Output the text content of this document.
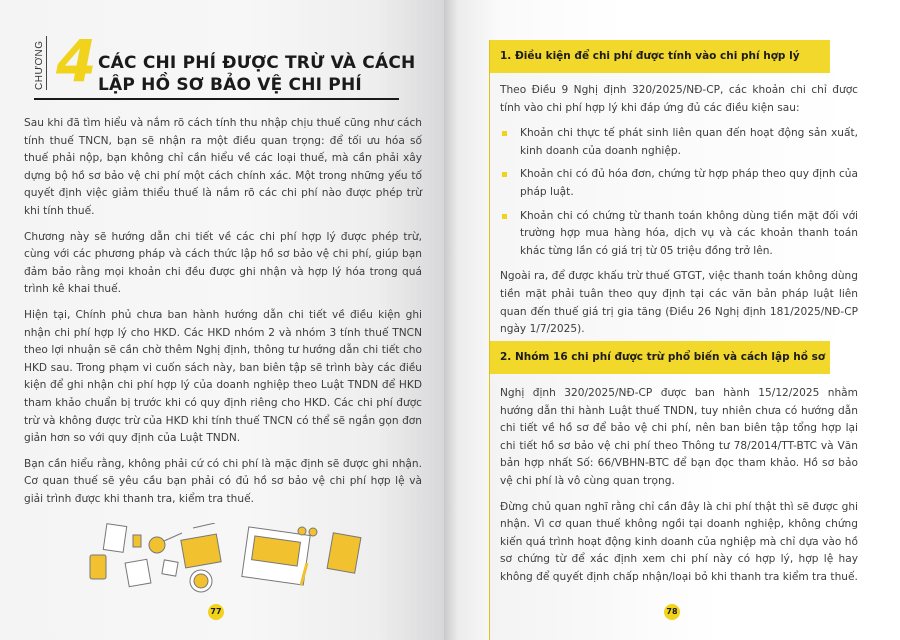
CHƯƠNG 4 CÁC CHI PHÍ ĐƯỢC TRỪ VÀ CÁCH
LẬP HỒ SƠ BẢO VỆ CHI PHÍ

Sau khi đã tìm hiểu và nắm rõ cách tính thu nhập chịu thuế cũng như cách tính thuế TNCN, bạn sẽ nhận ra một điều quan trọng: để tối ưu hóa số thuế phải nộp, bạn không chỉ cần hiểu về các loại thuế, mà cần phải xây dựng bộ hồ sơ bảo vệ chi phí một cách chính xác. Một trong những yếu tố quyết định việc giảm thiểu thuế là nắm rõ các chi phí nào được phép trừ khi tính thuế.

Chương này sẽ hướng dẫn chi tiết về các chi phí hợp lý được phép trừ, cùng với các phương pháp và cách thức lập hồ sơ bảo vệ chi phí, giúp bạn đảm bảo rằng mọi khoản chi đều được ghi nhận và hợp lý hóa trong quá trình kê khai thuế.

Hiện tại, Chính phủ chưa ban hành hướng dẫn chi tiết về điều kiện ghi nhận chi phí hợp lý cho HKD. Các HKD nhóm 2 và nhóm 3 tính thuế TNCN theo lợi nhuận sẽ cần chờ thêm Nghị định, thông tư hướng dẫn chi tiết cho HKD sau. Trong phạm vi cuốn sách này, ban biên tập sẽ trình bày các điều kiện để ghi nhận chi phí hợp lý của doanh nghiệp theo Luật TNDN để HKD tham khảo chuẩn bị trước khi có quy định riêng cho HKD. Các chi phí được trừ và không được trừ của HKD khi tính thuế TNCN có thể sẽ ngắn gọn đơn giản hơn so với quy định của Luật TNDN.

Bạn cần hiểu rằng, không phải cứ có chi phí là mặc định sẽ được ghi nhận. Cơ quan thuế sẽ yêu cầu bạn phải có đủ hồ sơ bảo vệ chi phí hợp lệ và giải trình được khi thanh tra, kiểm tra thuế.

77
1. Điều kiện để chi phí được tính vào chi phí hợp lý

Theo Điều 9 Nghị định 320/2025/NĐ-CP, các khoản chi chỉ được tính vào chi phí hợp lý khi đáp ứng đủ các điều kiện sau:

Khoản chi thực tế phát sinh liên quan đến hoạt động sản xuất, kinh doanh của doanh nghiệp.
Khoản chi có đủ hóa đơn, chứng từ hợp pháp theo quy định của pháp luật.
Khoản chi có chứng từ thanh toán không dùng tiền mặt đối với trường hợp mua hàng hóa, dịch vụ và các khoản thanh toán khác từng lần có giá trị từ 05 triệu đồng trở lên.

Ngoài ra, để được khấu trừ thuế GTGT, việc thanh toán không dùng tiền mặt phải tuân theo quy định tại các văn bản pháp luật liên quan đến thuế giá trị gia tăng (Điều 26 Nghị định 181/2025/NĐ-CP ngày 1/7/2025).

2. Nhóm 16 chi phí được trừ phổ biến và cách lập hồ sơ

Nghị định 320/2025/NĐ-CP được ban hành 15/12/2025 nhằm hướng dẫn thi hành Luật thuế TNDN, tuy nhiên chưa có hướng dẫn chi tiết về hồ sơ để bảo vệ chi phí, nên ban biên tập tổng hợp lại chi tiết hồ sơ bảo vệ chi phí theo Thông tư 78/2014/TT-BTC và Văn bản hợp nhất Số: 66/VBHN-BTC để bạn đọc tham khảo. Hồ sơ bảo vệ chi phí là vô cùng quan trọng.

Đừng chủ quan nghĩ rằng chỉ cần đây là chi phí thật thì sẽ được ghi nhận. Vì cơ quan thuế không ngồi tại doanh nghiệp, không chứng kiến quá trình hoạt động kinh doanh của nghiệp mà chỉ dựa vào hồ sơ chứng từ để xác định xem chi phí này có hợp lý, hợp lệ hay không để quyết định chấp nhận/loại bỏ khi thanh tra kiểm tra thuế.

78
